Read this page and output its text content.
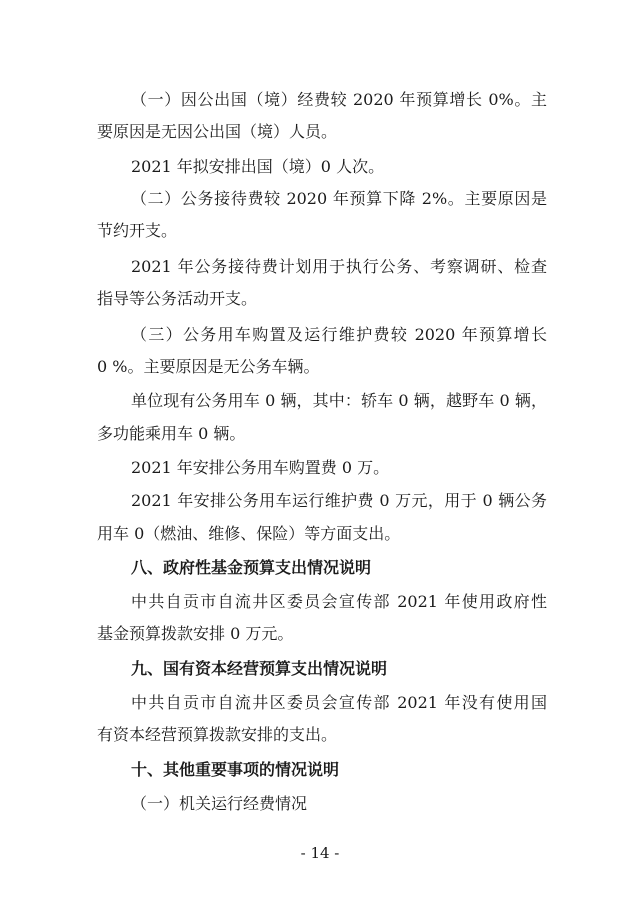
（一）因公出国（境）经费较 2020 年预算增长 0%。主
要原因是无因公出国（境）人员。
2021 年拟安排出国（境）0 人次。
（二）公务接待费较 2020 年预算下降 2%。主要原因是
节约开支。
2021 年公务接待费计划用于执行公务、考察调研、检查
指导等公务活动开支。
（三）公务用车购置及运行维护费较 2020 年预算增长
0 %。主要原因是无公务车辆。
单位现有公务用车 0 辆，其中：轿车 0 辆，越野车 0 辆，
多功能乘用车 0 辆。
2021 年安排公务用车购置费 0 万。
2021 年安排公务用车运行维护费 0 万元，用于 0 辆公务
用车 0（燃油、维修、保险）等方面支出。
八、政府性基金预算支出情况说明
中共自贡市自流井区委员会宣传部 2021 年使用政府性
基金预算拨款安排 0 万元。
九、国有资本经营预算支出情况说明
中共自贡市自流井区委员会宣传部 2021 年没有使用国
有资本经营预算拨款安排的支出。
十、其他重要事项的情况说明
（一）机关运行经费情况
- 14 -
